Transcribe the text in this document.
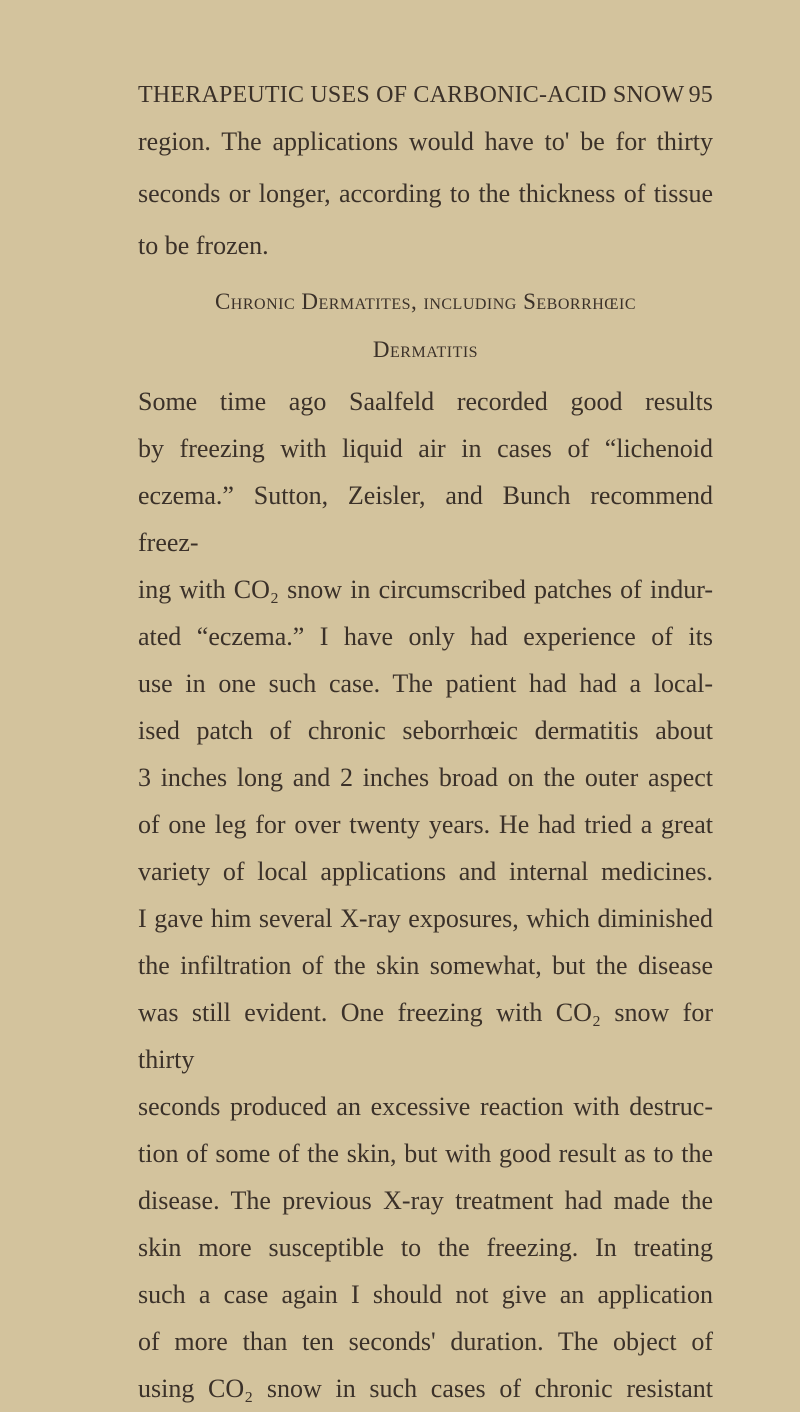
THERAPEUTIC USES OF CARBONIC-ACID SNOW 95
region. The applications would have to' be for thirty
seconds or longer, according to the thickness of tissue
to be frozen.
Chronic Dermatites, including Seborrhœic
Dermatitis
Some time ago Saalfeld recorded good results
by freezing with liquid air in cases of “lichenoid
eczema.” Sutton, Zeisler, and Bunch recommend freez-
ing with CO₂ snow in circumscribed patches of indur-
ated “eczema.” I have only had experience of its
use in one such case. The patient had had a local-
ised patch of chronic seborrhœic dermatitis about
3 inches long and 2 inches broad on the outer aspect
of one leg for over twenty years. He had tried a great
variety of local applications and internal medicines.
I gave him several X-ray exposures, which diminished
the infiltration of the skin somewhat, but the disease
was still evident. One freezing with CO₂ snow for thirty
seconds produced an excessive reaction with destruc-
tion of some of the skin, but with good result as to the
disease. The previous X-ray treatment had made the
skin more susceptible to the freezing. In treating
such a case again I should not give an application
of more than ten seconds' duration. The object of
using CO₂ snow in such cases of chronic resistant
